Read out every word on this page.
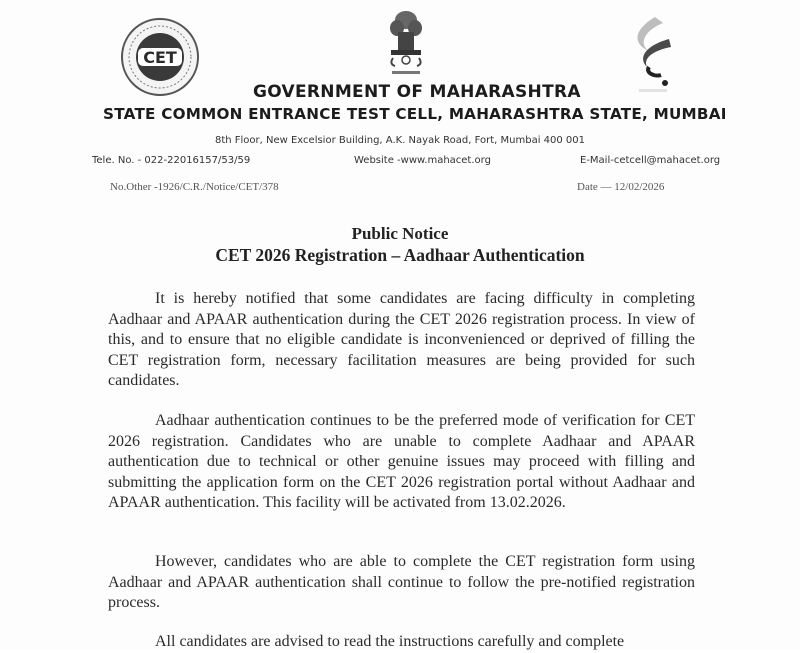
CET
GOVERNMENT OF MAHARASHTRA
STATE COMMON ENTRANCE TEST CELL, MAHARASHTRA STATE, MUMBAI
8th Floor, New Excelsior Building, A.K. Nayak Road, Fort, Mumbai 400 001
Tele. No. - 022-22016157/53/59	Website -www.mahacet.org	E-Mail-cetcell@mahacet.org
No.Other -1926/C.R./Notice/CET/378	Date — 12/02/2026
Public Notice
CET 2026 Registration – Aadhaar Authentication

It is hereby notified that some candidates are facing difficulty in completing Aadhaar and APAAR authentication during the CET 2026 registration process. In view of this, and to ensure that no eligible candidate is inconvenienced or deprived of filling the CET registration form, necessary facilitation measures are being provided for such candidates.

Aadhaar authentication continues to be the preferred mode of verification for CET 2026 registration. Candidates who are unable to complete Aadhaar and APAAR authentication due to technical or other genuine issues may proceed with filling and submitting the application form on the CET 2026 registration portal without Aadhaar and APAAR authentication. This facility will be activated from 13.02.2026.

However, candidates who are able to complete the CET registration form using Aadhaar and APAAR authentication shall continue to follow the pre-notified registration process.

All candidates are advised to read the instructions carefully and complete
